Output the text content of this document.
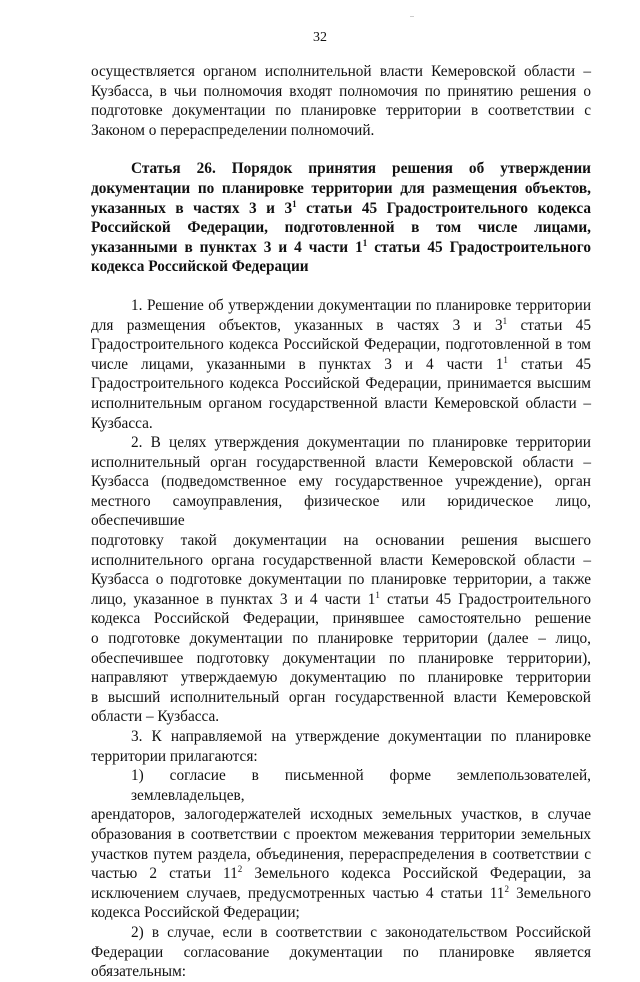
32
осуществляется органом исполнительной власти Кемеровской области –
Кузбасса, в чьи полномочия входят полномочия по принятию решения о
подготовке документации по планировке территории в соответствии с
Законом о перераспределении полномочий.
Статья 26. Порядок принятия решения об утверждении
документации по планировке территории для размещения объектов,
указанных в частях 3 и $3^1$ статьи 45 Градостроительного кодекса
Российской Федерации, подготовленной в том числе лицами,
указанными в пунктах 3 и 4 части $1^1$ статьи 45 Градостроительного
кодекса Российской Федерации
1. Решение об утверждении документации по планировке территории
для размещения объектов, указанных в частях 3 и $3^1$ статьи 45
Градостроительного кодекса Российской Федерации, подготовленной в том
числе лицами, указанными в пунктах 3 и 4 части $1^1$ статьи 45
Градостроительного кодекса Российской Федерации, принимается высшим
исполнительным органом государственной власти Кемеровской области –
Кузбасса.
2. В целях утверждения документации по планировке территории
исполнительный орган государственной власти Кемеровской области –
Кузбасса (подведомственное ему государственное учреждение), орган
местного самоуправления, физическое или юридическое лицо, обеспечившие
подготовку такой документации на основании решения высшего
исполнительного органа государственной власти Кемеровской области –
Кузбасса о подготовке документации по планировке территории, а также
лицо, указанное в пунктах 3 и 4 части $1^1$ статьи 45 Градостроительного
кодекса Российской Федерации, принявшее самостоятельно решение
о подготовке документации по планировке территории (далее – лицо,
обеспечившее подготовку документации по планировке территории),
направляют утверждаемую документацию по планировке территории
в высший исполнительный орган государственной власти Кемеровской
области – Кузбасса.
3. К направляемой на утверждение документации по планировке
территории прилагаются:
1) согласие в письменной форме землепользователей, землевладельцев,
арендаторов, залогодержателей исходных земельных участков, в случае
образования в соответствии с проектом межевания территории земельных
участков путем раздела, объединения, перераспределения в соответствии с
частью 2 статьи $11^2$ Земельного кодекса Российской Федерации, за
исключением случаев, предусмотренных частью 4 статьи $11^2$ Земельного
кодекса Российской Федерации;
2) в случае, если в соответствии с законодательством Российской
Федерации согласование документации по планировке является
обязательным:
